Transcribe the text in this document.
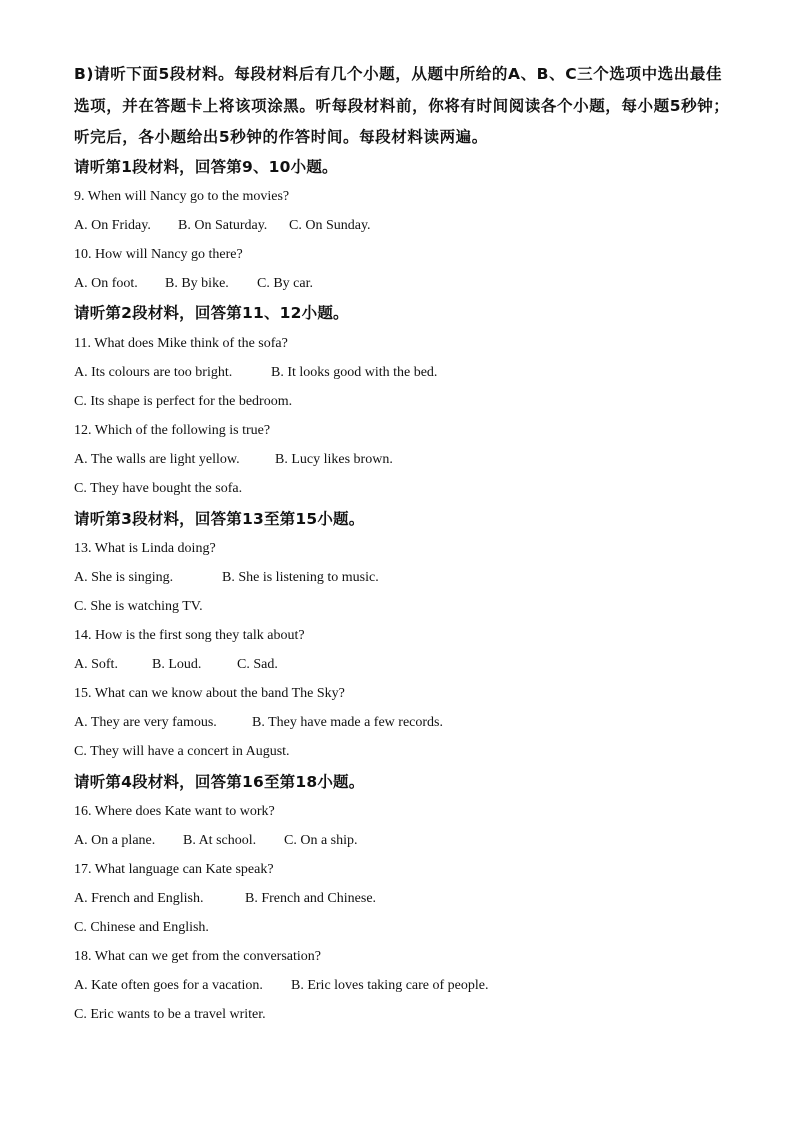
B)请听下面5段材料。每段材料后有几个小题，从题中所给的A、B、C三个选项中选出最佳
选项，并在答题卡上将该项涂黑。听每段材料前，你将有时间阅读各个小题，每小题5秒钟；
听完后，各小题给出5秒钟的作答时间。每段材料读两遍。
请听第1段材料，回答第9、10小题。
9. When will Nancy go to the movies?
A. On Friday. B. On Saturday. C. On Sunday.
10. How will Nancy go there?
A. On foot. B. By bike. C. By car.
请听第2段材料，回答第11、12小题。
11. What does Mike think of the sofa?
A. Its colours are too bright.	B. It looks good with the bed.
C. Its shape is perfect for the bedroom.
12. Which of the following is true?
A. The walls are light yellow.	B. Lucy likes brown.
C. They have bought the sofa.
请听第3段材料，回答第13至第15小题。
13. What is Linda doing?
A. She is singing.	B. She is listening to music.
C. She is watching TV.
14. How is the first song they talk about?
A. Soft. B. Loud.	C. Sad.
15. What can we know about the band The Sky?
A. They are very famous.	B. They have made a few records.
C. They will have a concert in August.
请听第4段材料，回答第16至第18小题。
16. Where does Kate want to work?
A. On a plane. B. At school. C. On a ship.
17. What language can Kate speak?
A. French and English.	B. French and Chinese.
C. Chinese and English.
18. What can we get from the conversation?
A. Kate often goes for a vacation. B. Eric loves taking care of people.
C. Eric wants to be a travel writer.
